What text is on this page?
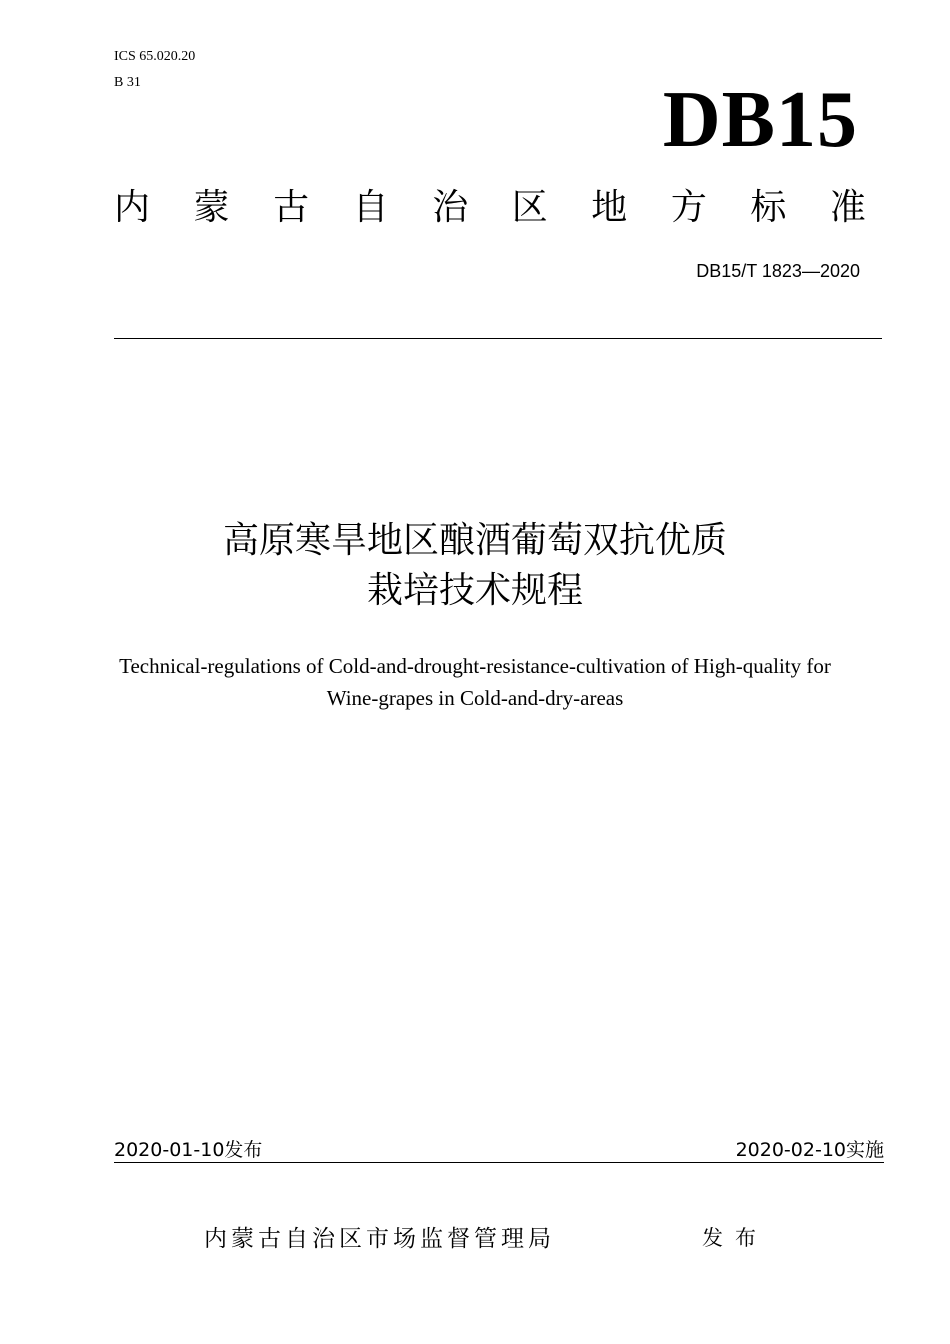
ICS 65.020.20
B 31	DB15
内 蒙 古 自 治 区 地 方 标 准
DB15/T 1823—2020
高原寒旱地区酿酒葡萄双抗优质
栽培技术规程
Technical-regulations of Cold-and-drought-resistance-cultivation of High-quality for
Wine-grapes in Cold-and-dry-areas
2020-01-10发布	2020-02-10实施
内蒙古自治区市场监督管理局	发布
